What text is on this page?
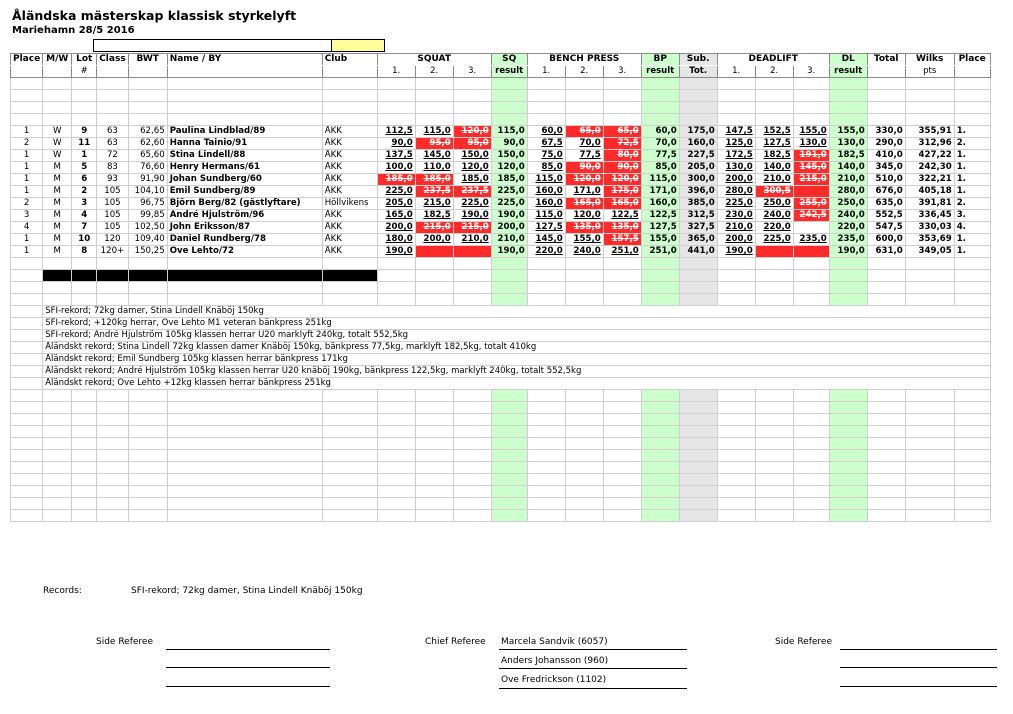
Åländska mästerskap klassisk styrkelyft
Mariehamn 28/5 2016
Place	M/W	Lot	Class	BWT	Name / BY	Club	SQUAT			SQ	BENCH PRESS			BP	Sub.	DEADLIFT			DL	Total	Wilks	Place
		#					1.	2.	3.	result	1.	2.	3.	result	Tot.	1.	2.	3.	result		pts	

1	W	9	63	62,65	Paulina Lindblad/89	ÅKK	112,5	115,0	120,0	115,0	60,0	65,0	65,0	60,0	175,0	147,5	152,5	155,0	155,0	330,0	355,91	1.
2	W	11	63	62,60	Hanna Tainio/91	ÅKK	90,0	95,0	95,0	90,0	67,5	70,0	72,5	70,0	160,0	125,0	127,5	130,0	130,0	290,0	312,96	2.
1	W	1	72	65,60	Stina Lindell/88	ÅKK	137,5	145,0	150,0	150,0	75,0	77,5	80,0	77,5	227,5	172,5	182,5	191,0	182,5	410,0	427,22	1.
1	M	5	83	76,60	Henry Hermans/61	ÅKK	100,0	110,0	120,0	120,0	85,0	90,0	90,0	85,0	205,0	130,0	140,0	145,0	140,0	345,0	242,30	1.
1	M	6	93	91,90	Johan Sundberg/60	ÅKK	185,0	185,0	185,0	185,0	115,0	120,0	120,0	115,0	300,0	200,0	210,0	215,0	210,0	510,0	322,21	1.
1	M	2	105	104,10	Emil Sundberg/89	ÅKK	225,0	237,5	237,5	225,0	160,0	171,0	175,0	171,0	396,0	280,0	300,5		280,0	676,0	405,18	1.
2	M	3	105	96,75	Björn Berg/82 (gästlyftare)	Höllvikens	205,0	215,0	225,0	225,0	160,0	165,0	165,0	160,0	385,0	225,0	250,0	255,0	250,0	635,0	391,81	2.
3	M	4	105	99,85	André Hjulström/96	ÅKK	165,0	182,5	190,0	190,0	115,0	120,0	122,5	122,5	312,5	230,0	240,0	242,5	240,0	552,5	336,45	3.
4	M	7	105	102,50	John Eriksson/87	ÅKK	200,0	215,0	215,0	200,0	127,5	135,0	135,0	127,5	327,5	210,0	220,0		220,0	547,5	330,03	4.
1	M	10	120	109,40	Daniel Rundberg/78	ÅKK	180,0	200,0	210,0	210,0	145,0	155,0	157,5	155,0	365,0	200,0	225,0	235,0	235,0	600,0	353,69	1.
1	M	8	120+	150,25	Ove Lehto/72	ÅKK	190,0			190,0	220,0	240,0	251,0	251,0	441,0	190,0			190,0	631,0	349,05	1.

	SFI-rekord; 72kg damer, Stina Lindell Knäböj 150kg																					
	SFI-rekord; +120kg herrar, Ove Lehto M1 veteran bänkpress 251kg																					
	SFI-rekord; André Hjulström 105kg klassen herrar U20 marklyft 240kg, totalt 552,5kg																					
	Åländskt rekord; Stina Lindell 72kg klassen damer Knäböj 150kg, bänkpress 77,5kg, marklyft 182,5kg, totalt 410kg																					
	Åländskt rekord; Emil Sundberg 105kg klassen herrar bänkpress 171kg																					
	Åländskt rekord; André Hjulström 105kg klassen herrar U20 knäböj 190kg, bänkpress 122,5kg, marklyft 240kg, totalt 552,5kg																					
	Åländskt rekord; Ove Lehto +12kg klassen herrar bänkpress 251kg																					

Records:	SFI-rekord; 72kg damer, Stina Lindell Knäböj 150kg
Side Referee	Chief Referee Marcela Sandvik (6057)
Anders Johansson (960)
Ove Fredrickson (1102)
Side Referee
